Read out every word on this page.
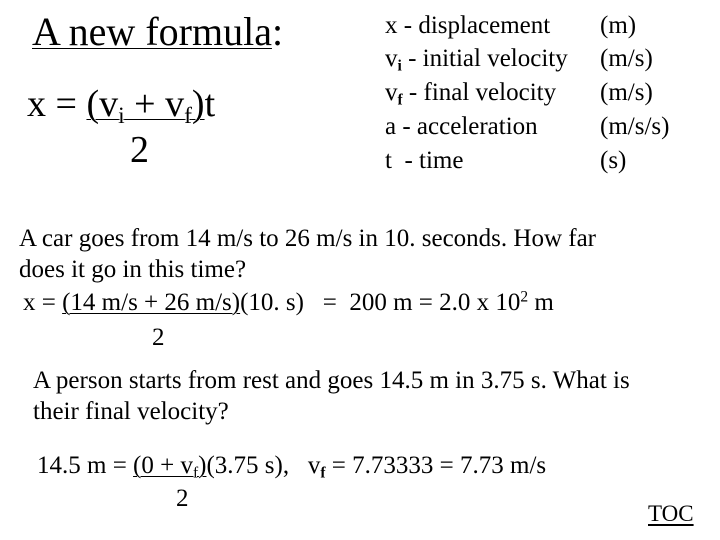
A new formula:
$x = (v_i + v_f)t$
2
x - displacement (m)
$v_i$ - initial velocity (m/s)
$v_f$ - final velocity (m/s)
a - acceleration (m/s/s)
t  - time	(s)
A car goes from 14 m/s to 26 m/s in 10. seconds. How far
does it go in this time?
x = (14 m/s + 26 m/s)(10. s)   =  200 m = 2.0 x $10^2$ m
2
A person starts from rest and goes 14.5 m in 3.75 s. What is
their final velocity?
14.5 $m = (0 + v_f)(3.75$ s),   $v_f = 7.73333 = 7.73$ m/s
2
TOC
